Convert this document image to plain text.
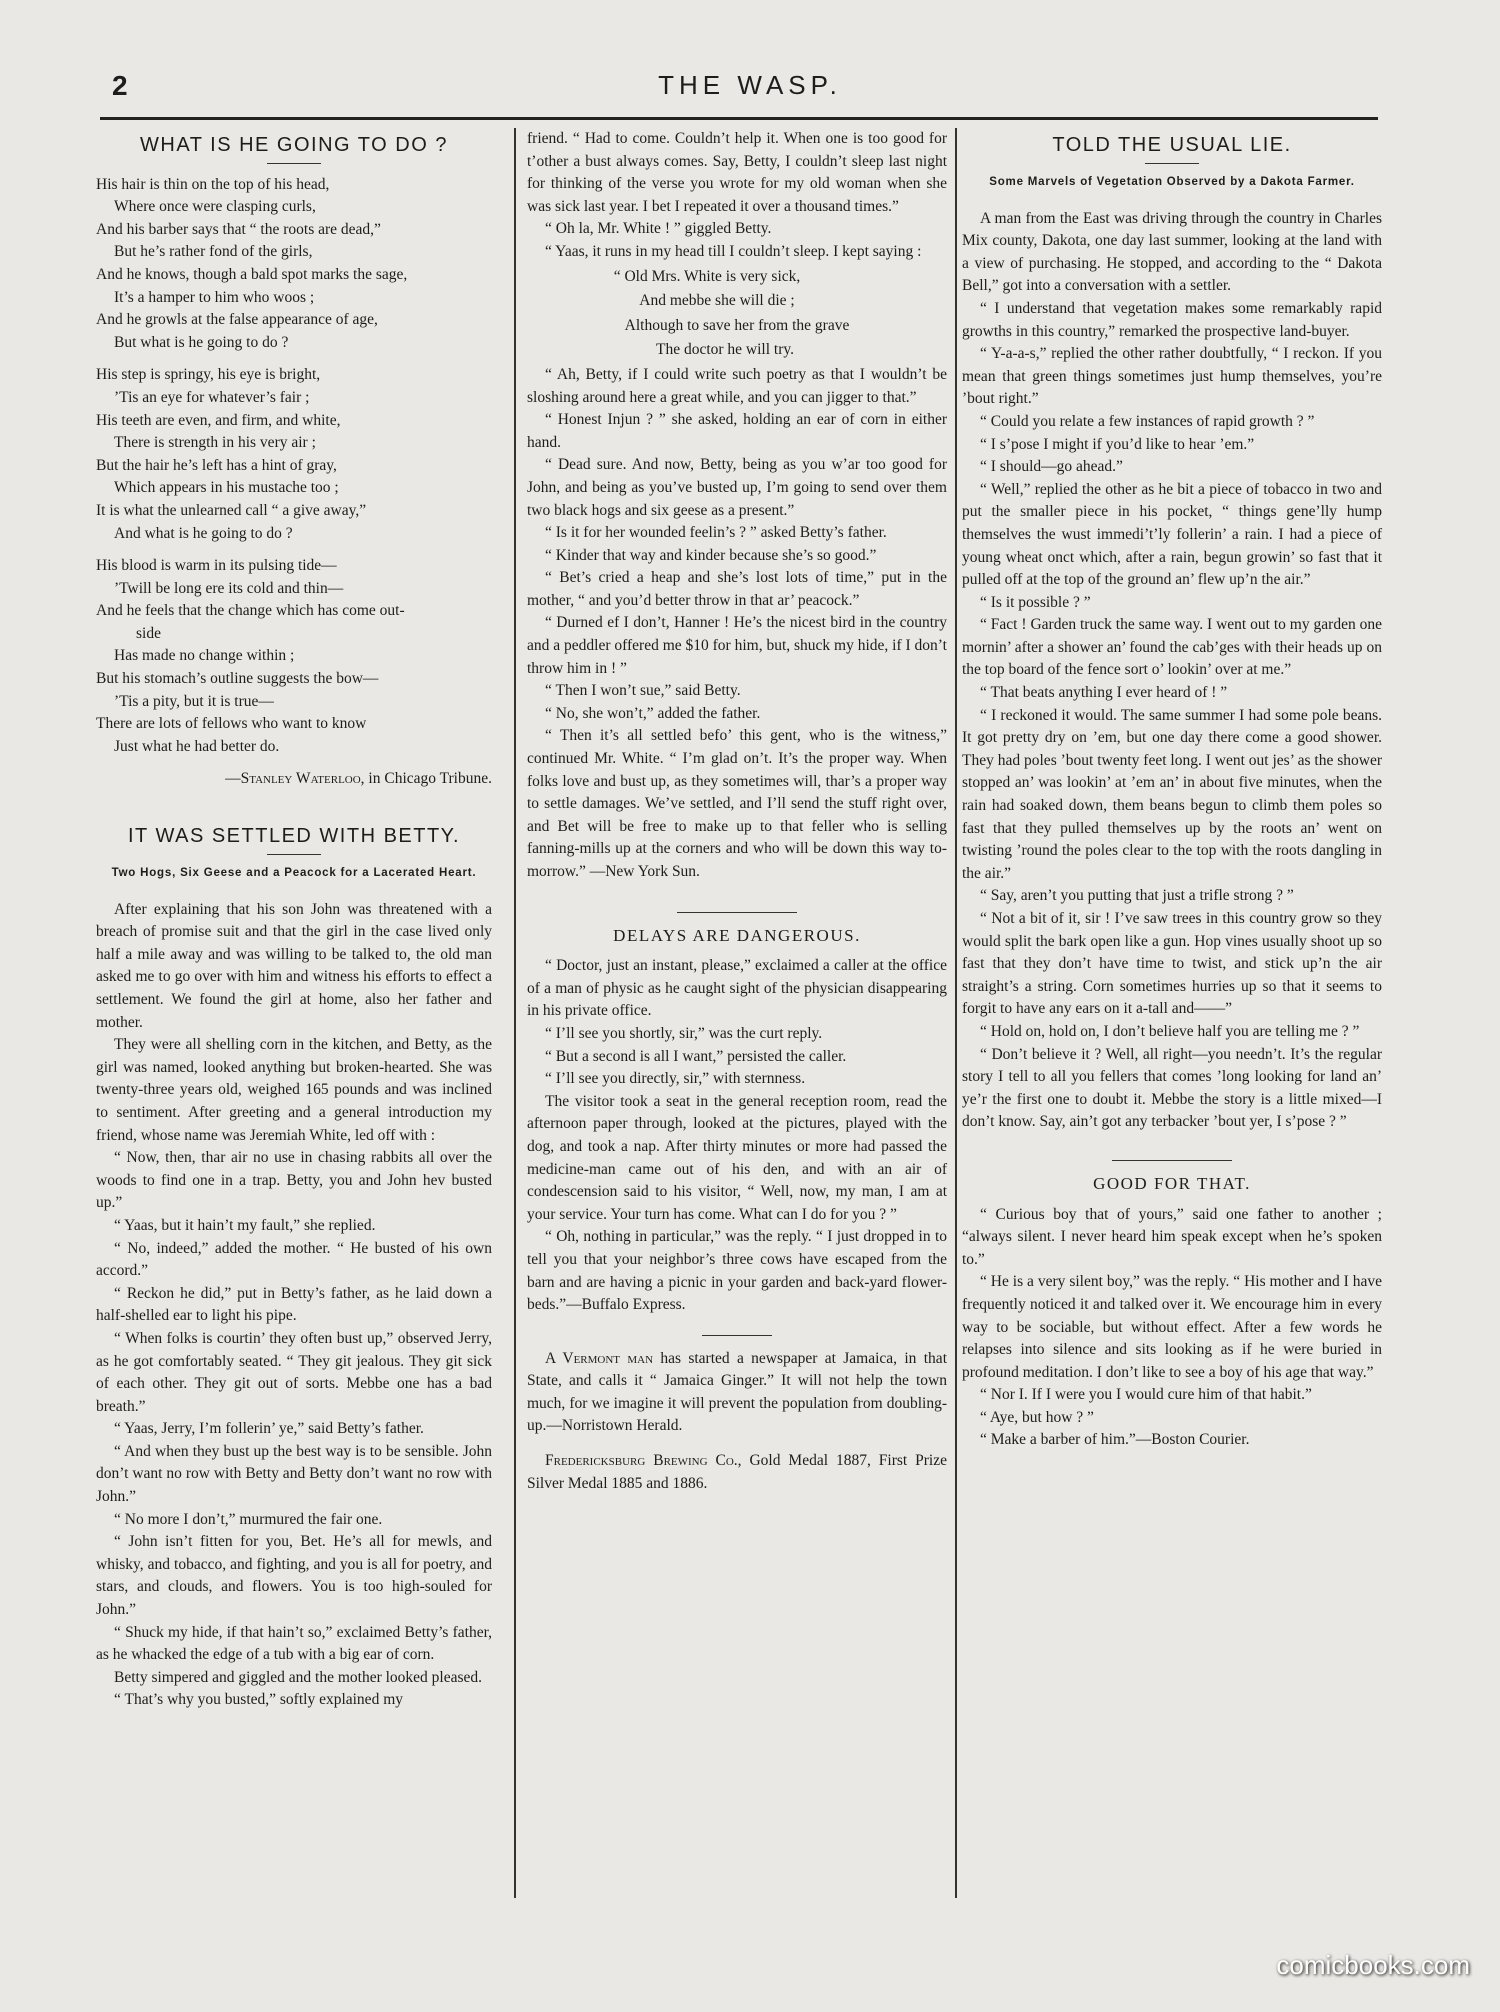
2	THE WASP.
WHAT IS HE GOING TO DO ?
His hair is thin on the top of his head,
Where once were clasping curls,
And his barber says that “ the roots are dead,”
But he’s rather fond of the girls,
And he knows, though a bald spot marks the sage,
It’s a hamper to him who woos ;
And he growls at the false appearance of age,
But what is he going to do ?
His step is springy, his eye is bright,
’Tis an eye for whatever’s fair ;
His teeth are even, and firm, and white,
There is strength in his very air ;
But the hair he’s left has a hint of gray,
Which appears in his mustache too ;
It is what the unlearned call “ a give away,”
And what is he going to do ?
His blood is warm in its pulsing tide—
’Twill be long ere its cold and thin—
And he feels that the change which has come out-
side
Has made no change within ;
But his stomach’s outline suggests the bow—
’Tis a pity, but it is true—
There are lots of fellows who want to know
Just what he had better do.
—Stanley Waterloo, in Chicago Tribune.
IT WAS SETTLED WITH BETTY.
Two Hogs, Six Geese and a Peacock for a Lacerated Heart.

After explaining that his son John was threatened with a breach of promise suit and that the girl in the case lived only half a mile away and was willing to be talked to, the old man asked me to go over with him and witness his efforts to effect a settlement. We found the girl at home, also her father and mother.

They were all shelling corn in the kitchen, and Betty, as the girl was named, looked anything but broken-hearted. She was twenty-three years old, weighed 165 pounds and was inclined to sentiment. After greeting and a general introduction my friend, whose name was Jeremiah White, led off with :

“ Now, then, thar air no use in chasing rabbits all over the woods to find one in a trap. Betty, you and John hev busted up.”

“ Yaas, but it hain’t my fault,” she replied.

“ No, indeed,” added the mother. “ He busted of his own accord.”

“ Reckon he did,” put in Betty’s father, as he laid down a half-shelled ear to light his pipe.

“ When folks is courtin’ they often bust up,” observed Jerry, as he got comfortably seated. “ They git jealous. They git sick of each other. They git out of sorts. Mebbe one has a bad breath.”

“ Yaas, Jerry, I’m follerin’ ye,” said Betty’s father.

“ And when they bust up the best way is to be sensible. John don’t want no row with Betty and Betty don’t want no row with John.”

“ No more I don’t,” murmured the fair one.

“ John isn’t fitten for you, Bet. He’s all for mewls, and whisky, and tobacco, and fighting, and you is all for poetry, and stars, and clouds, and flowers. You is too high-souled for John.”

“ Shuck my hide, if that hain’t so,” exclaimed Betty’s father, as he whacked the edge of a tub with a big ear of corn.

Betty simpered and giggled and the mother looked pleased.

“ That’s why you busted,” softly explained my

friend. “ Had to come. Couldn’t help it. When one is too good for t’other a bust always comes. Say, Betty, I couldn’t sleep last night for thinking of the verse you wrote for my old woman when she was sick last year. I bet I repeated it over a thousand times.”

“ Oh la, Mr. White ! ” giggled Betty.

“ Yaas, it runs in my head till I couldn’t sleep. I kept saying :

“ Old Mrs. White is very sick,
And mebbe she will die ;
Although to save her from the grave
The doctor he will try.

“ Ah, Betty, if I could write such poetry as that I wouldn’t be sloshing around here a great while, and you can jigger to that.”

“ Honest Injun ? ” she asked, holding an ear of corn in either hand.

“ Dead sure. And now, Betty, being as you w’ar too good for John, and being as you’ve busted up, I’m going to send over them two black hogs and six geese as a present.”

“ Is it for her wounded feelin’s ? ” asked Betty’s father.

“ Kinder that way and kinder because she’s so good.”

“ Bet’s cried a heap and she’s lost lots of time,” put in the mother, “ and you’d better throw in that ar’ peacock.”

“ Durned ef I don’t, Hanner ! He’s the nicest bird in the country and a peddler offered me $10 for him, but, shuck my hide, if I don’t throw him in ! ”

“ Then I won’t sue,” said Betty.

“ No, she won’t,” added the father.

“ Then it’s all settled befo’ this gent, who is the witness,” continued Mr. White. “ I’m glad on’t. It’s the proper way. When folks love and bust up, as they sometimes will, thar’s a proper way to settle damages. We’ve settled, and I’ll send the stuff right over, and Bet will be free to make up to that feller who is selling fanning-mills up at the corners and who will be down this way to-morrow.” —New York Sun.

DELAYS ARE DANGEROUS.

“ Doctor, just an instant, please,” exclaimed a caller at the office of a man of physic as he caught sight of the physician disappearing in his private office.

“ I’ll see you shortly, sir,” was the curt reply.

“ But a second is all I want,” persisted the caller.

“ I’ll see you directly, sir,” with sternness.

The visitor took a seat in the general reception room, read the afternoon paper through, looked at the pictures, played with the dog, and took a nap. After thirty minutes or more had passed the medicine-man came out of his den, and with an air of condescension said to his visitor, “ Well, now, my man, I am at your service. Your turn has come. What can I do for you ? ”

“ Oh, nothing in particular,” was the reply. “ I just dropped in to tell you that your neighbor’s three cows have escaped from the barn and are having a picnic in your garden and back-yard flower-beds.”—Buffalo Express.

A Vermont man has started a newspaper at Jamaica, in that State, and calls it “ Jamaica Ginger.” It will not help the town much, for we imagine it will prevent the population from doubling-up.—Norristown Herald.

Fredericksburg Brewing Co., Gold Medal 1887, First Prize Silver Medal 1885 and 1886.

TOLD THE USUAL LIE.
Some Marvels of Vegetation Observed by a Dakota Farmer.

A man from the East was driving through the country in Charles Mix county, Dakota, one day last summer, looking at the land with a view of purchasing. He stopped, and according to the “ Dakota Bell,” got into a conversation with a settler.

“ I understand that vegetation makes some remarkably rapid growths in this country,” remarked the prospective land-buyer.

“ Y-a-a-s,” replied the other rather doubtfully, “ I reckon. If you mean that green things sometimes just hump themselves, you’re ’bout right.”

“ Could you relate a few instances of rapid growth ? ”

“ I s’pose I might if you’d like to hear ’em.”

“ I should—go ahead.”

“ Well,” replied the other as he bit a piece of tobacco in two and put the smaller piece in his pocket, “ things gene’lly hump themselves the wust immedi’t’ly follerin’ a rain. I had a piece of young wheat onct which, after a rain, begun growin’ so fast that it pulled off at the top of the ground an’ flew up’n the air.”

“ Is it possible ? ”

“ Fact ! Garden truck the same way. I went out to my garden one mornin’ after a shower an’ found the cab’ges with their heads up on the top board of the fence sort o’ lookin’ over at me.”

“ That beats anything I ever heard of ! ”

“ I reckoned it would. The same summer I had some pole beans. It got pretty dry on ’em, but one day there come a good shower. They had poles ’bout twenty feet long. I went out jes’ as the shower stopped an’ was lookin’ at ’em an’ in about five minutes, when the rain had soaked down, them beans begun to climb them poles so fast that they pulled themselves up by the roots an’ went on twisting ’round the poles clear to the top with the roots dangling in the air.”

“ Say, aren’t you putting that just a trifle strong ? ”

“ Not a bit of it, sir ! I’ve saw trees in this country grow so they would split the bark open like a gun. Hop vines usually shoot up so fast that they don’t have time to twist, and stick up’n the air straight’s a string. Corn sometimes hurries up so that it seems to forgit to have any ears on it a-tall and——”

“ Hold on, hold on, I don’t believe half you are telling me ? ”

“ Don’t believe it ? Well, all right—you needn’t. It’s the regular story I tell to all you fellers that comes ’long looking for land an’ ye’r the first one to doubt it. Mebbe the story is a little mixed—I don’t know. Say, ain’t got any terbacker ’bout yer, I s’pose ? ”

GOOD FOR THAT.

“ Curious boy that of yours,” said one father to another ; “always silent. I never heard him speak except when he’s spoken to.”

“ He is a very silent boy,” was the reply. “ His mother and I have frequently noticed it and talked over it. We encourage him in every way to be sociable, but without effect. After a few words he relapses into silence and sits looking as if he were buried in profound meditation. I don’t like to see a boy of his age that way.”

“ Nor I. If I were you I would cure him of that habit.”

“ Aye, but how ? ”

“ Make a barber of him.”—Boston Courier.

comicbooks.com
